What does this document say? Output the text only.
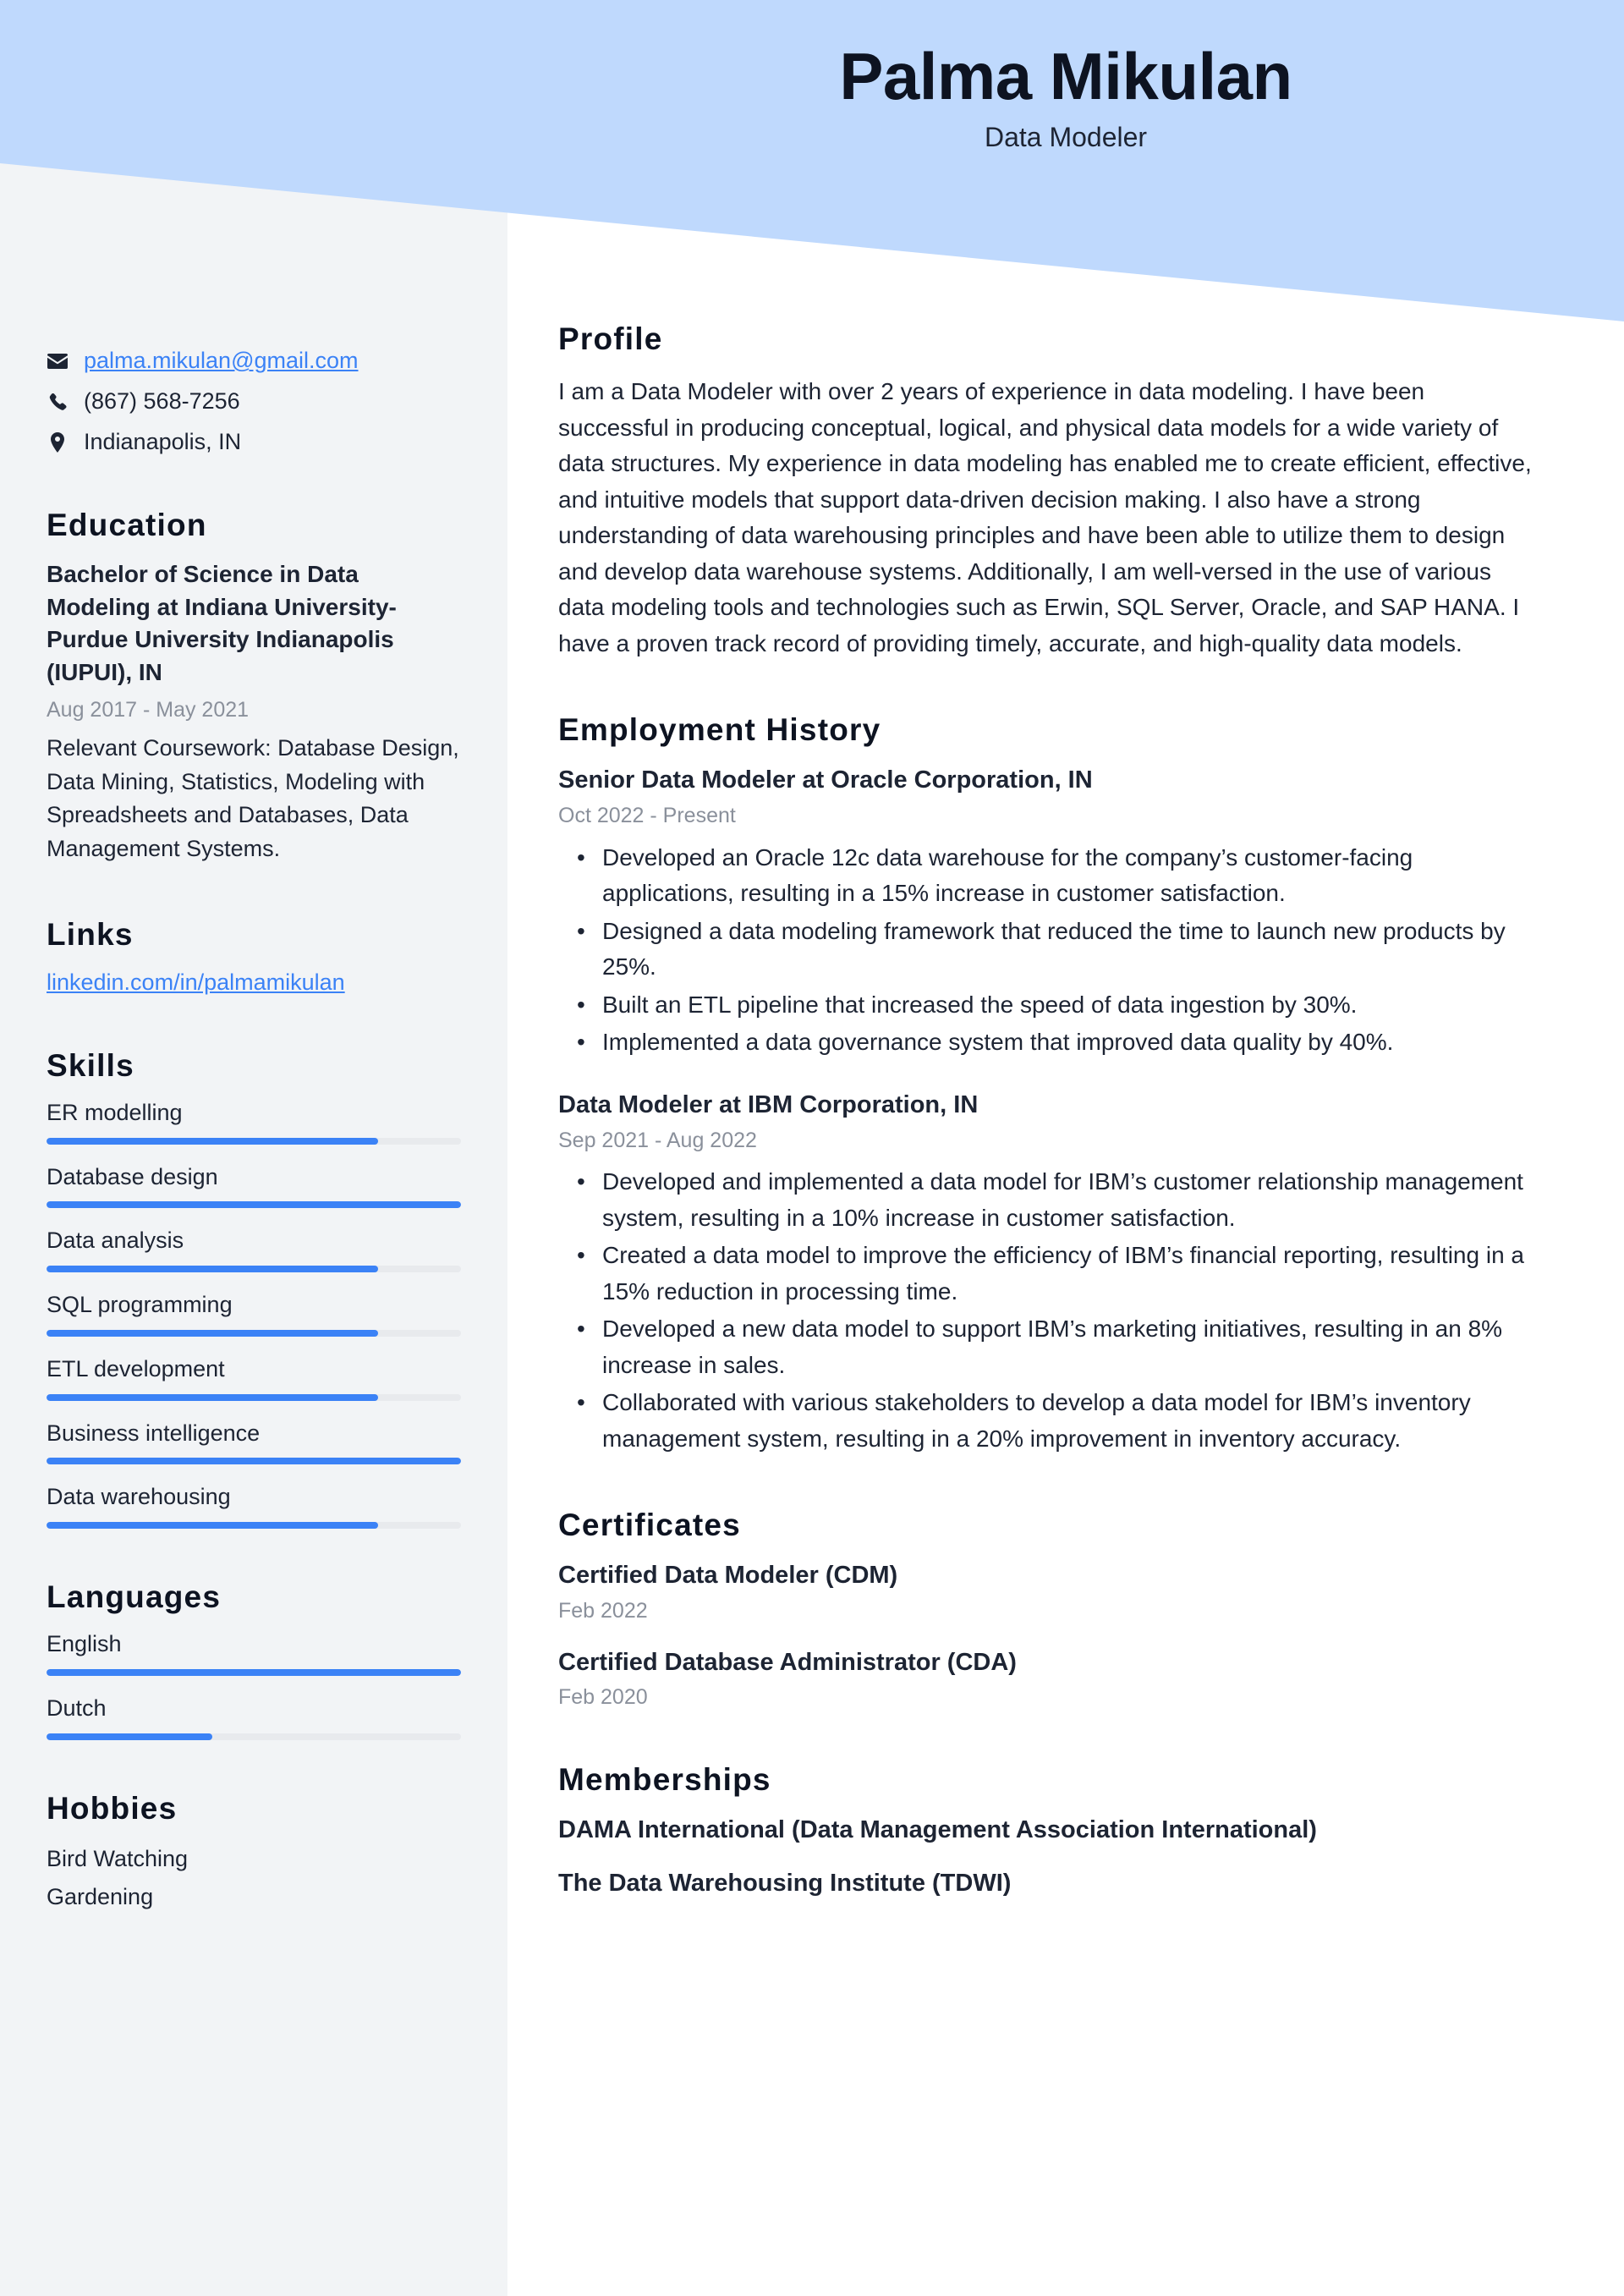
Palma Mikulan
Data Modeler
palma.mikulan@gmail.com
(867) 568-7256
Indianapolis, IN
Education
Bachelor of Science in Data Modeling at Indiana University-Purdue University Indianapolis (IUPUI), IN
Aug 2017 - May 2021
Relevant Coursework: Database Design, Data Mining, Statistics, Modeling with Spreadsheets and Databases, Data Management Systems.
Links
linkedin.com/in/palmamikulan
Skills
ER modelling
Database design
Data analysis
SQL programming
ETL development
Business intelligence
Data warehousing
Languages
English
Dutch
Hobbies
Bird Watching
Gardening
Profile

I am a Data Modeler with over 2 years of experience in data modeling. I have been successful in producing conceptual, logical, and physical data models for a wide variety of data structures. My experience in data modeling has enabled me to create efficient, effective, and intuitive models that support data-driven decision making. I also have a strong understanding of data warehousing principles and have been able to utilize them to design and develop data warehouse systems. Additionally, I am well-versed in the use of various data modeling tools and technologies such as Erwin, SQL Server, Oracle, and SAP HANA. I have a proven track record of providing timely, accurate, and high-quality data models.

Employment History
Senior Data Modeler at Oracle Corporation, IN
Oct 2022 - Present
• Developed an Oracle 12c data warehouse for the company’s customer-facing applications, resulting in a 15% increase in customer satisfaction.
• Designed a data modeling framework that reduced the time to launch new products by 25%.
• Built an ETL pipeline that increased the speed of data ingestion by 30%.
• Implemented a data governance system that improved data quality by 40%.
Data Modeler at IBM Corporation, IN
Sep 2021 - Aug 2022
• Developed and implemented a data model for IBM’s customer relationship management system, resulting in a 10% increase in customer satisfaction.
• Created a data model to improve the efficiency of IBM’s financial reporting, resulting in a 15% reduction in processing time.
• Developed a new data model to support IBM’s marketing initiatives, resulting in an 8% increase in sales.
• Collaborated with various stakeholders to develop a data model for IBM’s inventory management system, resulting in a 20% improvement in inventory accuracy.
Certificates
Certified Data Modeler (CDM)
Feb 2022
Certified Database Administrator (CDA)
Feb 2020
Memberships
DAMA International (Data Management Association International)
The Data Warehousing Institute (TDWI)
